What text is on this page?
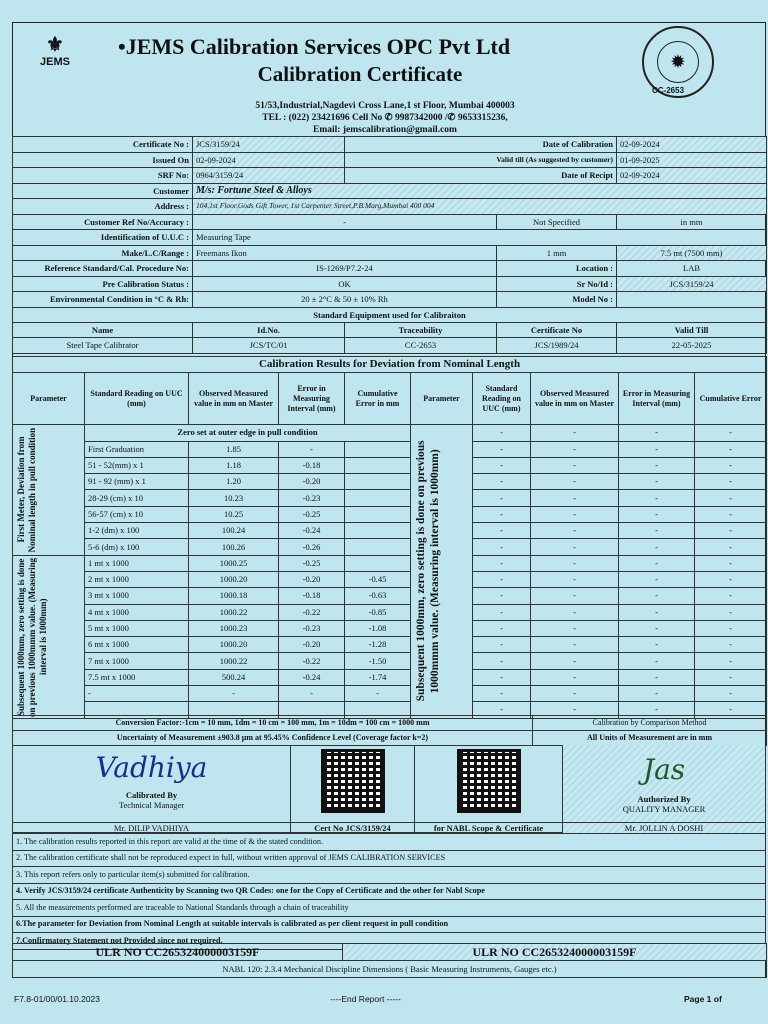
⚜
JEMS
•JEMS Calibration Services OPC Pvt Ltd
Calibration Certificate	✹
CC-2653
51/53,Industrial,Nagdevi Cross Lane,1 st Floor, Mumbai 400003
TEL : (022) 23421696 Cell No ✆ 9987342000 /✆ 9653315236,
Email: jemscalibration@gmail.com
Certificate No :	JCS/3159/24	Date of Calibration		02-09-2024
Issued On	02-09-2024	Valid till (As suggested by customer)		01-09-2025
SRF No:	0964/3159/24	Date of Recipt		02-09-2024
Customer	M/s: Fortune Steel & Alloys			
Address :	104,1st Floor,Gods Gift Tower, 1st Carpenter Street,P.B.Marg,Mumbai 400 004			
Customer Ref No/Accuracy :	-		Not Specified	in mm
Identification of U.U.C :	Measuring Tape			
Make/L.C/Range :	Freemans Ikon		1 mm	7.5 mt (7500 mm)
Reference Standard/Cal. Procedure No:	IS-1269/P7.2-24		Location :	LAB
Pre Calibration Status :	OK		Sr No/Id :	JCS/3159/24
Environmental Condition in °C & Rh:	20 ± 2°C & 50 ± 10% Rh		Model No :	
Standard Equipment used for Calibraiton				
Name	Id.No.	Traceability	Certificate No	Valid Till
Steel Tape Calibrator	JCS/TC/01	CC-2653	JCS/1989/24	22-05-2025
Calibration Results for Deviation from Nominal Length									
Parameter	Standard Reading on UUC (mm)	Observed Measured value in mm on Master	Error in Measuring Interval (mm)	Cumulative Error in mm	Parameter	Standard Reading on UUC (mm)	Observed Measured value in mm on Master	Error in Measuring Interval (mm)	Cumulative Error

First Meter, Deviation from Nominal length in pull condition	Zero set at outer edge in pull condition				Subsequent 1000mm, zero setting is done on previous 1000mmm value. (Measuring interval is 1000mm)	-	-	-	-
	First Graduation	1.85	-			-	-	-	-
	51 - 52(mm) x 1	1.18	-0.18			-	-	-	-
	91 - 92 (mm) x 1	1.20	-0.20			-	-	-	-
	28-29 (cm) x 10	10.23	-0.23			-	-	-	-
	56-57 (cm) x 10	10.25	-0.25			-	-	-	-
	1-2 (dm) x 100	100.24	-0.24			-	-	-	-
	5-6 (dm) x 100	100.26	-0.26			-	-	-	-

Subsequent 1000mm, zero setting is done on previous 1000mmm value. (Measuring interval is 1000mm)	1 mt x 1000	1000.25	-0.25			-	-	-	-
	2 mt x 1000	1000.20	-0.20	-0.45		-	-	-	-
	3 mt x 1000	1000.18	-0.18	-0.63		-	-	-	-
	4 mt x 1000	1000.22	-0.22	-0.85		-	-	-	-
	5 mt x 1000	1000.23	-0.23	-1.08		-	-	-	-
	6 mt x 1000	1000.20	-0.20	-1.28		-	-	-	-
	7 mt x 1000	1000.22	-0.22	-1.50		-	-	-	-
	7.5 mt x 1000	500.24	-0.24	-1.74		-	-	-	-
	-	-	-	-		-	-	-	-
						-	-	-	-
Conversion Factor:-1cm = 10 mm, 1dm = 10 cm = 100 mm, 1m = 10dm = 100 cm = 1000 mm	Calibration by Comparison Method
Uncertainty of Measurement ±903.8 µm at 95.45% Confidence Level (Coverage factor k=2)	All Units of Measurement are in mm
Vadhiya
Calibrated By
Technical Manager
Mr. DILIP VADHIYA	Cert No JCS/3159/24	for NABL Scope & Certificate
Jas
Authorized By
QUALITY MANAGER
Mr. JOLLIN A DOSHI
1. The calibration results reported in this report are valid at the time of & the stated condition.
2. The calibration certificate shall not be reproduced expect in full, without written approval of JEMS CALIBRATION SERVICES
3. This report refers only to particular item(s) submitted for calibration.
4. Verify JCS/3159/24 certificate Authenticity by Scanning two QR Codes: one for the Copy of Certificate and the other for Nabl Scope
5. All the measurements performed are traceable to National Standards through a chain of traceability
6.The parameter for Deviation from Nominal Length at suitable intervals is calibrated as per client request in pull condition
7.Confirmatory Statement not Provided since not required,
ULR NO CC265324000003159F	ULR NO CC265324000003159F
NABL 120: 2.3.4 Mechanical Discipline Dimensions ( Basic Measuring Instruments, Gauges etc.)
F7.8-01/00/01.10.2023	----End Report -----	Page 1 of
